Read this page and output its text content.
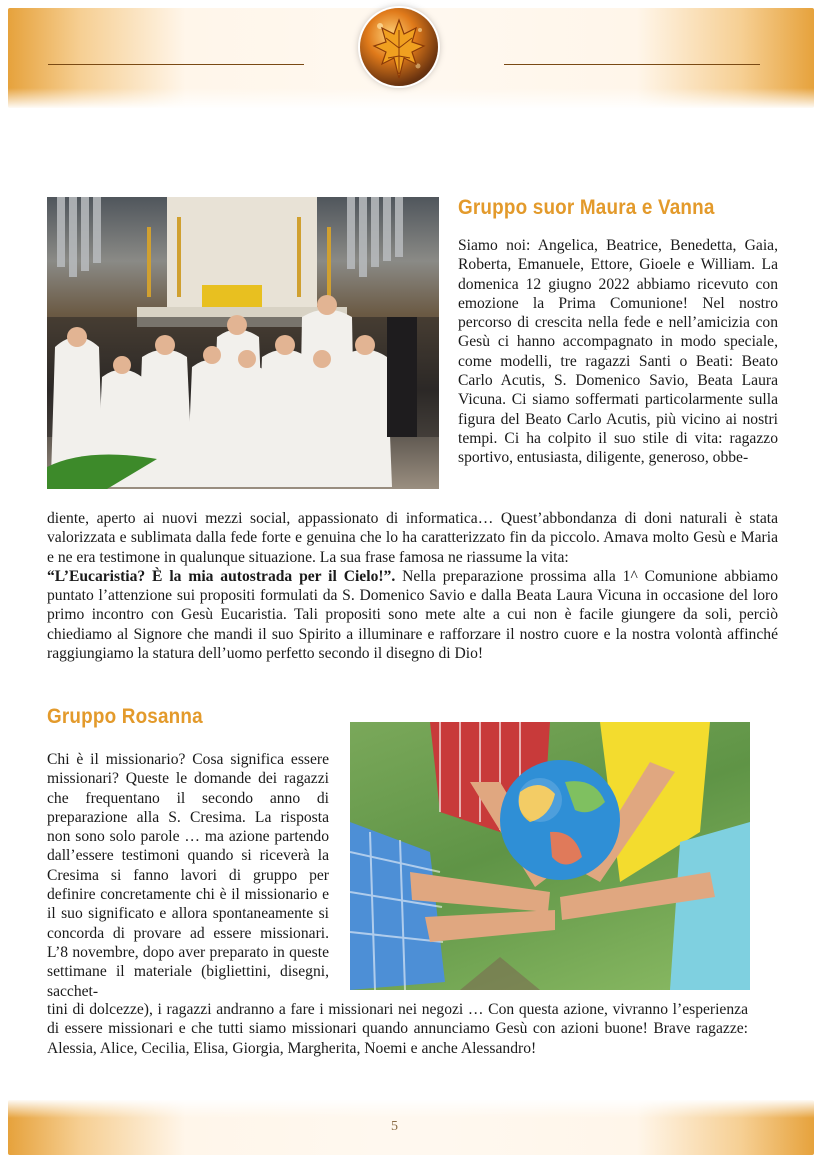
Gruppo suor Maura e Vanna

Siamo noi: Angelica, Beatrice, Benedetta, Gaia, Roberta, Emanuele, Ettore, Gioele e William. La domenica 12 giugno 2022 abbiamo ricevuto con emozione la Prima Comunione! Nel nostro percorso di crescita nella fede e nell’amicizia con Gesù ci hanno accompagnato in modo speciale, come modelli, tre ragazzi Santi o Beati: Beato Carlo Acutis, S. Domenico Savio, Beata Laura Vicuna. Ci siamo soffermati particolarmente sulla figura del Beato Carlo Acutis, più vicino ai nostri tempi. Ci ha colpito il suo stile di vita: ragazzo sportivo, entusiasta, diligente, generoso, obbe-

diente, aperto ai nuovi mezzi social, appassionato di informatica… Quest’abbondanza di doni naturali è stata valorizzata e sublimata dalla fede forte e genuina che lo ha caratterizzato fin da piccolo. Amava molto Gesù e Maria e ne era testimone in qualunque situazione. La sua frase famosa ne riassume la vita:
“L’Eucaristia? È la mia autostrada per il Cielo!”. Nella preparazione prossima alla 1^ Comunione abbiamo puntato l’attenzione sui propositi formulati da S. Domenico Savio e dalla Beata Laura Vicuna in occasione del loro primo incontro con Gesù Eucaristia. Tali propositi sono mete alte a cui non è facile giungere da soli, perciò chiediamo al Signore che mandi il suo Spirito a illuminare e rafforzare il nostro cuore e la nostra volontà affinché raggiungiamo la statura dell’uomo perfetto secondo il disegno di Dio!

Gruppo Rosanna

Chi è il missionario? Cosa significa essere missionari? Queste le domande dei ragazzi che frequentano il secondo anno di preparazione alla S. Cresima. La risposta non sono solo parole … ma azione partendo dall’essere testimoni quando si riceverà la Cresima si fanno lavori di gruppo per definire concretamente chi è il missionario e il suo significato e allora spontaneamente si concorda di provare ad essere missionari. L’8 novembre, dopo aver preparato in queste settimane il materiale (bigliettini, disegni, sacchet-

tini di dolcezze), i ragazzi andranno a fare i missionari nei negozi … Con questa azione, vivranno l’esperienza di essere missionari e che tutti siamo missionari quando annunciamo Gesù con azioni buone! Brave ragazze: Alessia, Alice, Cecilia, Elisa, Giorgia, Margherita, Noemi e anche Alessandro!

5
